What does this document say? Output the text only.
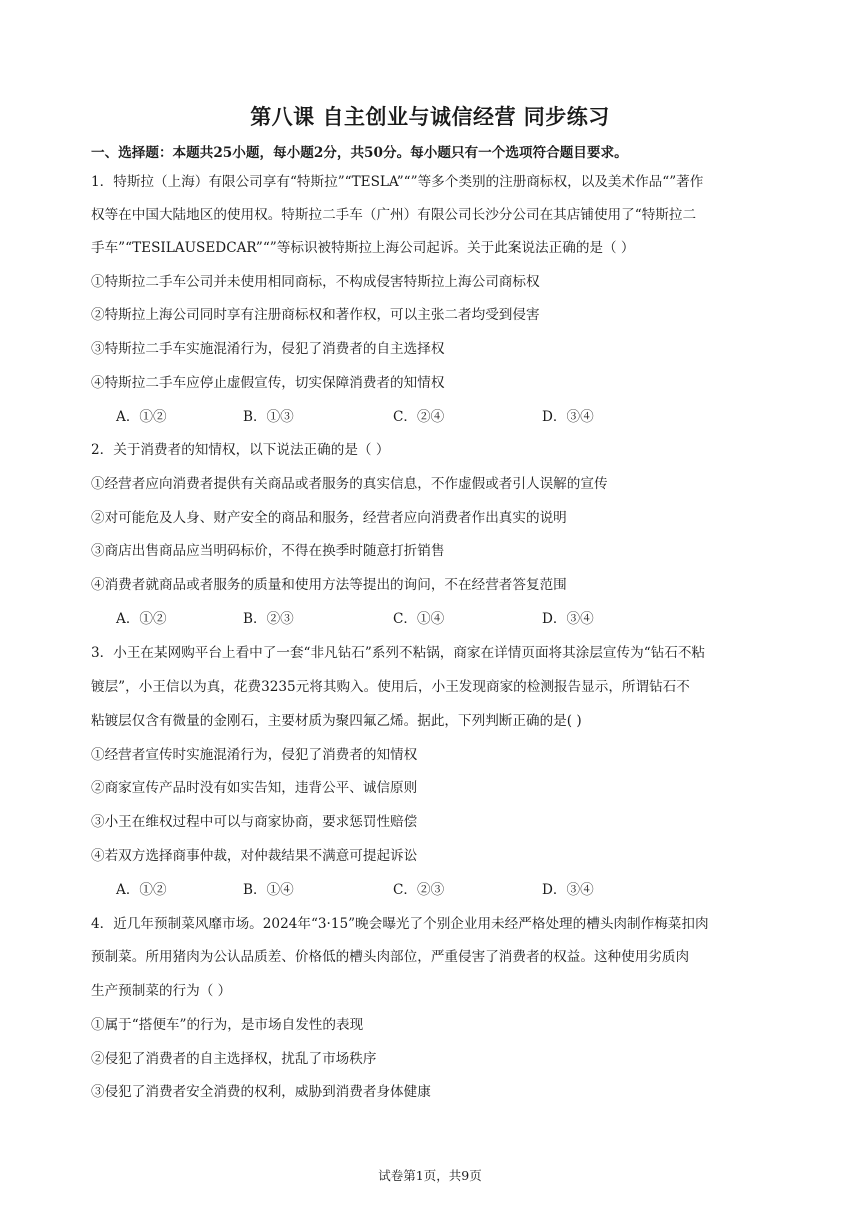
第八课 自主创业与诚信经营 同步练习
一、选择题：本题共25小题，每小题2分，共50分。每小题只有一个选项符合题目要求。
1．特斯拉（上海）有限公司享有“特斯拉”“TESLA”“”等多个类别的注册商标权，以及美术作品“”著作
权等在中国大陆地区的使用权。特斯拉二手车（广州）有限公司长沙分公司在其店铺使用了“特斯拉二
手车”“TESILAUSEDCAR”“”等标识被特斯拉上海公司起诉。关于此案说法正确的是（ ）
①特斯拉二手车公司并未使用相同商标，不构成侵害特斯拉上海公司商标权
②特斯拉上海公司同时享有注册商标权和著作权，可以主张二者均受到侵害
③特斯拉二手车实施混淆行为，侵犯了消费者的自主选择权
④特斯拉二手车应停止虚假宣传，切实保障消费者的知情权
A．①②	B．①③	C．②④	D．③④
2．关于消费者的知情权，以下说法正确的是（ ）
①经营者应向消费者提供有关商品或者服务的真实信息，不作虚假或者引人误解的宣传
②对可能危及人身、财产安全的商品和服务，经营者应向消费者作出真实的说明
③商店出售商品应当明码标价，不得在换季时随意打折销售
④消费者就商品或者服务的质量和使用方法等提出的询问，不在经营者答复范围
A．①②	B．②③	C．①④	D．③④
3．小王在某网购平台上看中了一套“非凡钻石”系列不粘锅，商家在详情页面将其涂层宣传为“钻石不粘
镀层”，小王信以为真，花费3235元将其购入。使用后，小王发现商家的检测报告显示，所谓钻石不
粘镀层仅含有微量的金刚石，主要材质为聚四氟乙烯。据此，下列判断正确的是( )
①经营者宣传时实施混淆行为，侵犯了消费者的知情权
②商家宣传产品时没有如实告知，违背公平、诚信原则
③小王在维权过程中可以与商家协商，要求惩罚性赔偿
④若双方选择商事仲裁，对仲裁结果不满意可提起诉讼
A．①②	B．①④	C．②③	D．③④
4．近几年预制菜风靡市场。2024年“3·15”晚会曝光了个别企业用未经严格处理的槽头肉制作梅菜扣肉
预制菜。所用猪肉为公认品质差、价格低的槽头肉部位，严重侵害了消费者的权益。这种使用劣质肉
生产预制菜的行为（ ）
①属于“搭便车”的行为，是市场自发性的表现
②侵犯了消费者的自主选择权，扰乱了市场秩序
③侵犯了消费者安全消费的权利，威胁到消费者身体健康
试卷第1页，共9页
